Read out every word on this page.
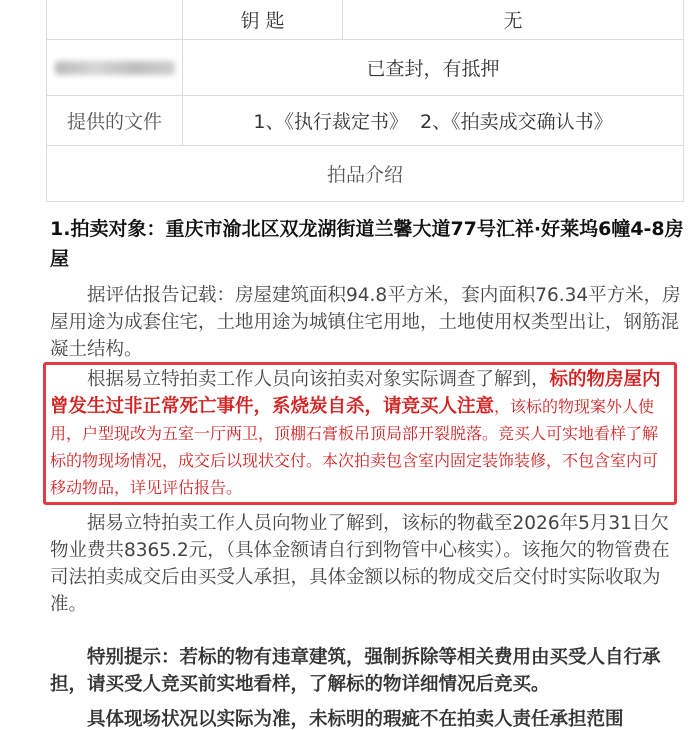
钥 匙	无
已查封，有抵押
提供的文件	1、《执行裁定书》  2、《拍卖成交确认书》
拍品介绍
1.拍卖对象：重庆市渝北区双龙湖街道兰馨大道77号汇祥·好莱坞6幢4-8房屋

据评估报告记载：房屋建筑面积94.8平方米，套内面积76.34平方米，房屋用途为成套住宅，土地用途为城镇住宅用地，土地使用权类型出让，钢筋混凝土结构。

根据易立特拍卖工作人员向该拍卖对象实际调查了解到，标的物房屋内曾发生过非正常死亡事件，系烧炭自杀，请竞买人注意，该标的物现案外人使用，户型现改为五室一厅两卫，顶棚石膏板吊顶局部开裂脱落。竞买人可实地看样了解标的物现场情况，成交后以现状交付。本次拍卖包含室内固定装饰装修，不包含室内可移动物品，详见评估报告。

据易立特拍卖工作人员向物业了解到，该标的物截至2026年5月31日欠物业费共8365.2元，（具体金额请自行到物管中心核实）。该拖欠的物管费在司法拍卖成交后由买受人承担，具体金额以标的物成交后交付时实际收取为准。

特别提示：若标的物有违章建筑，强制拆除等相关费用由买受人自行承担，请买受人竞买前实地看样，了解标的物详细情况后竞买。

具体现场状况以实际为准，未标明的瑕疵不在拍卖人责任承担范围
